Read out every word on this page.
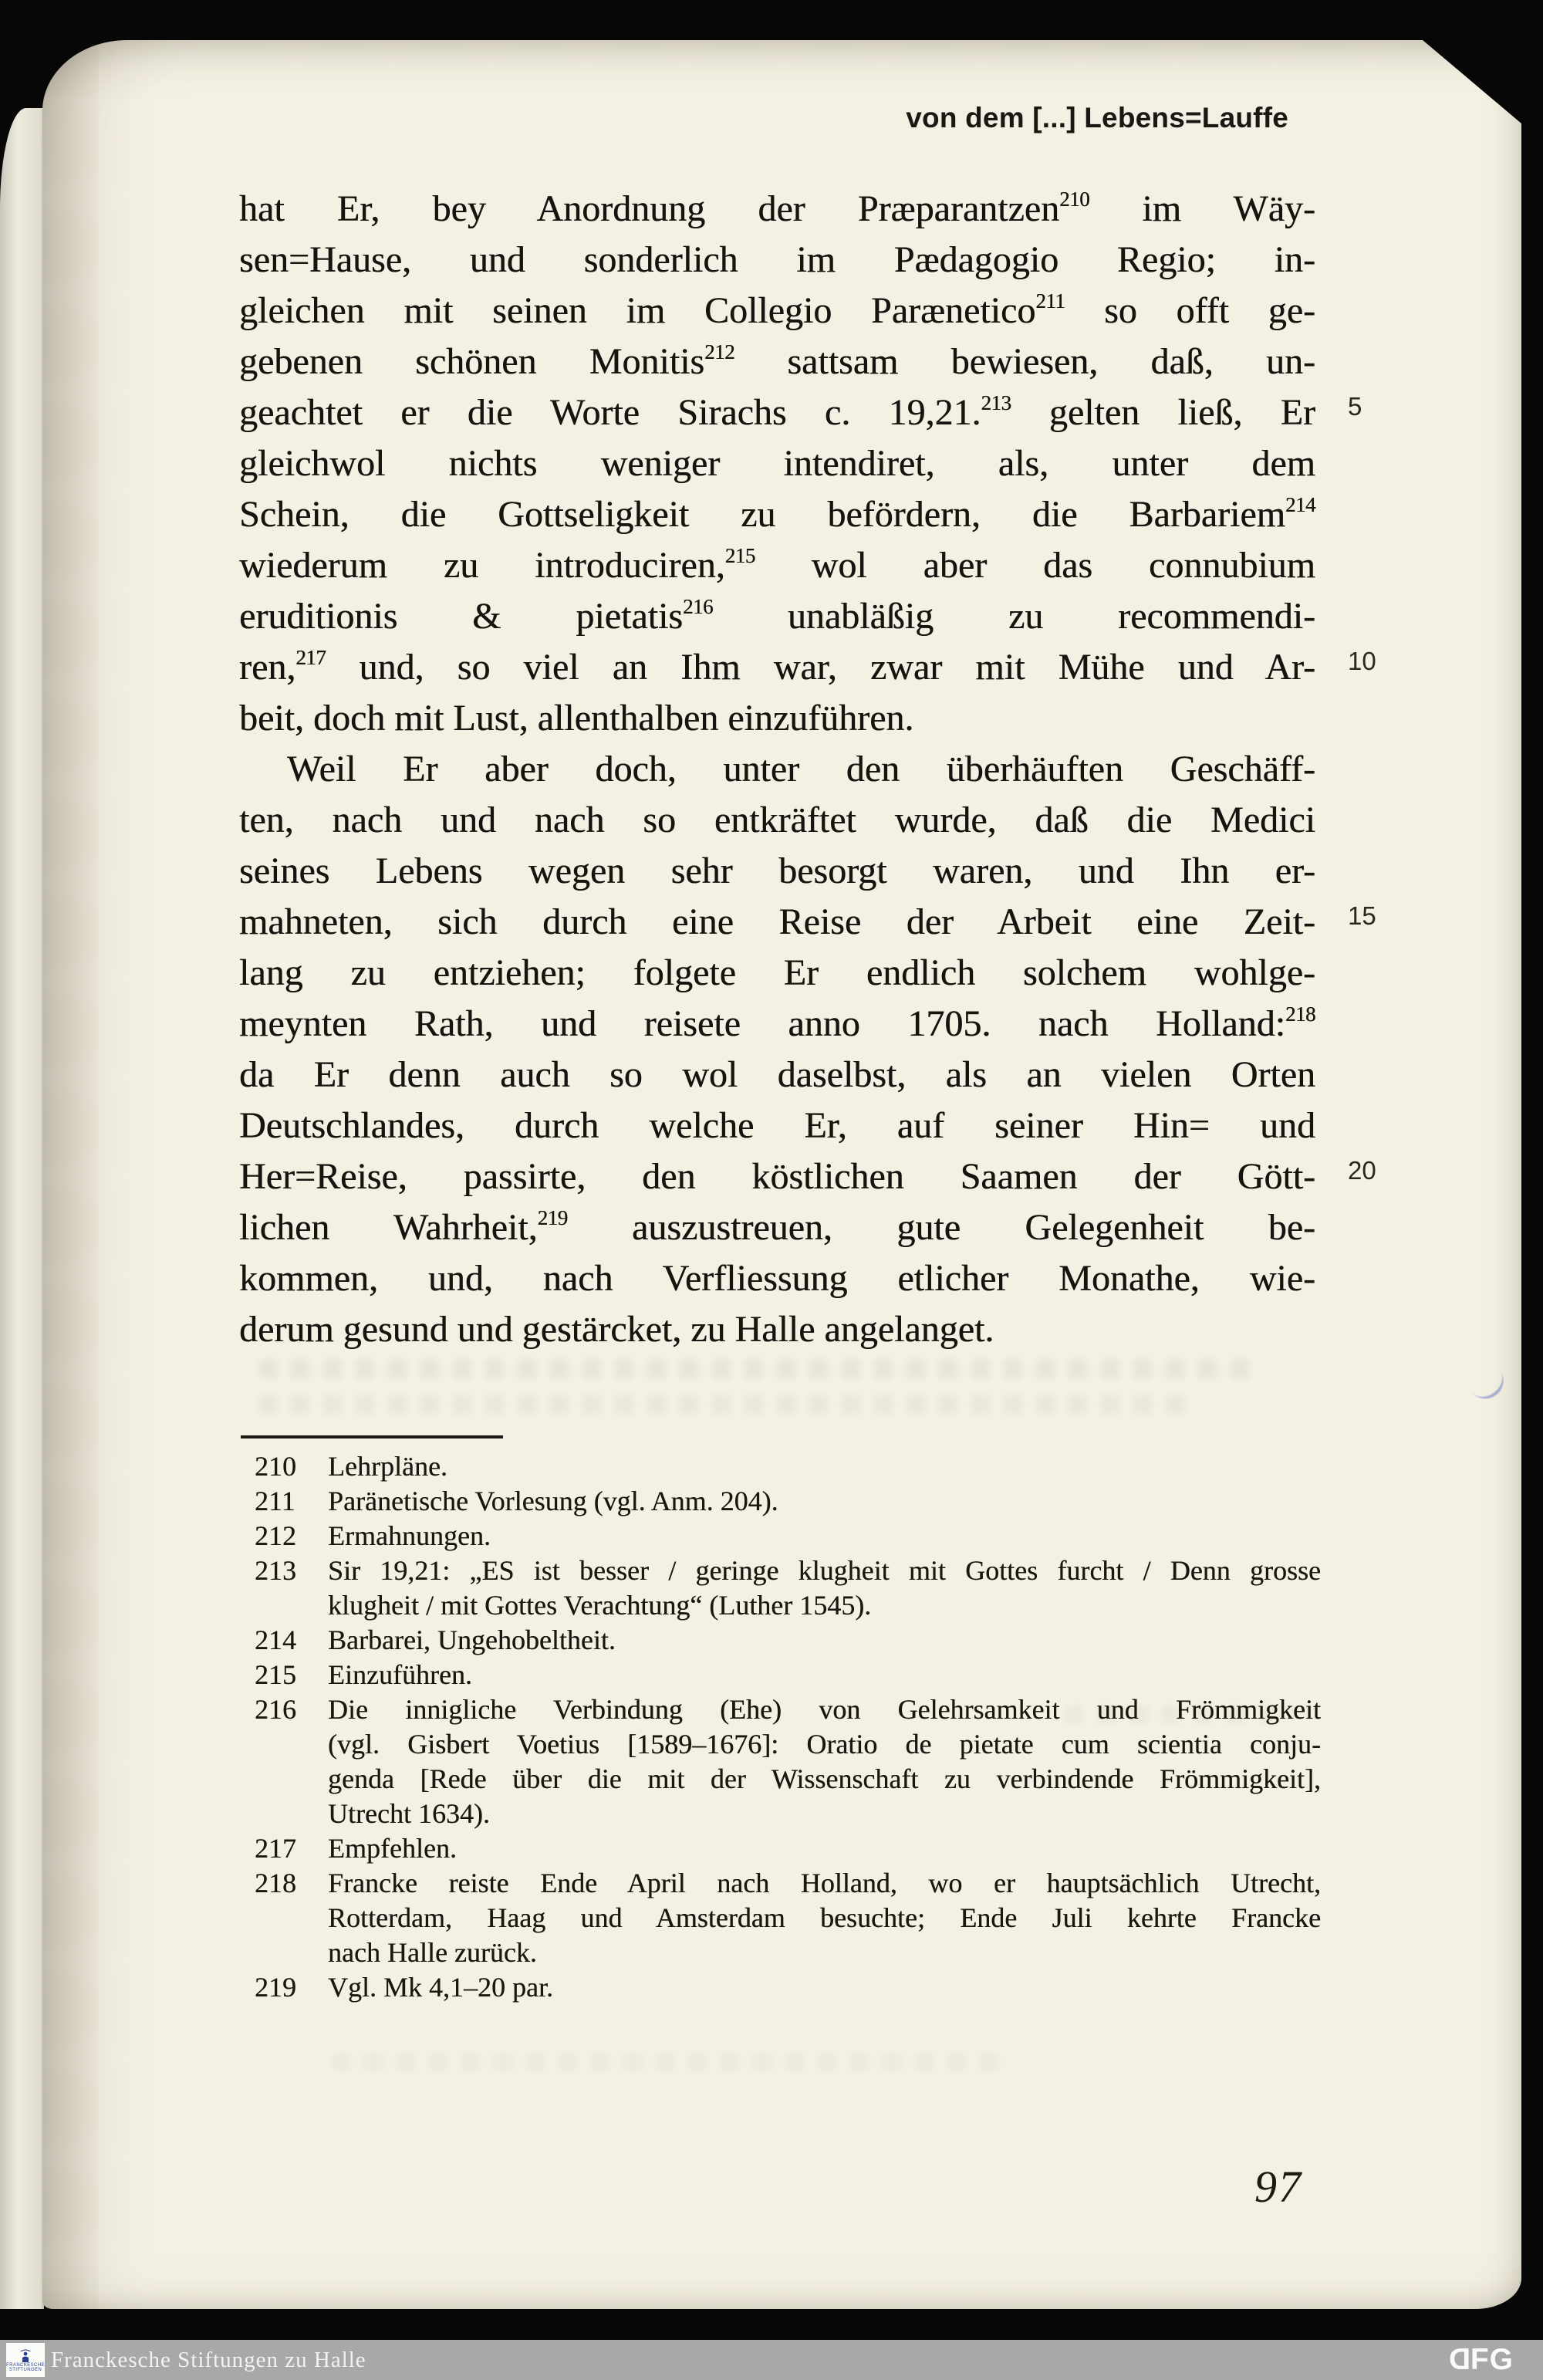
von dem [...] Lebens=Lauffe
hat Er, bey Anordnung der Præparantzen$^{210}$ im Wäy-
sen=Hause, und sonderlich im Pædagogio Regio; in-
gleichen mit seinen im Collegio Parænetico$^{211}$ so offt ge-
gebenen schönen Monitis$^{212}$ sattsam bewiesen, daß, un-
geachtet er die Worte Sirachs c. 19,21.$^{213}$ gelten ließ, Er
gleichwol nichts weniger intendiret, als, unter dem
Schein, die Gottseligkeit zu befördern, die Barbariem$^{214}$
wiederum zu introduciren,$^{215}$ wol aber das connubium
eruditionis & pietatis$^{216}$ unabläßig zu recommendi-
ren,$^{217}$ und, so viel an Ihm war, zwar mit Mühe und Ar-
beit, doch mit Lust, allenthalben einzuführen.
Weil Er aber doch, unter den überhäuften Geschäff-
ten, nach und nach so entkräftet wurde, daß die Medici
seines Lebens wegen sehr besorgt waren, und Ihn er-
mahneten, sich durch eine Reise der Arbeit eine Zeit-
lang zu entziehen; folgete Er endlich solchem wohlge-
meynten Rath, und reisete anno 1705. nach Holland:$^{218}$
da Er denn auch so wol daselbst, als an vielen Orten
Deutschlandes, durch welche Er, auf seiner Hin= und
Her=Reise, passirte, den köstlichen Saamen der Gött-
lichen Wahrheit,$^{219}$ auszustreuen, gute Gelegenheit be-
kommen, und, nach Verfliessung etlicher Monathe, wie-
derum gesund und gestärcket, zu Halle angelanget.
5
10
15
20
210	Lehrpläne.
211	Paränetische Vorlesung (vgl. Anm. 204).
212	Ermahnungen.
213	Sir 19,21: „ES ist besser / geringe klugheit mit Gottes furcht / Denn grosse
klugheit / mit Gottes Verachtung“ (Luther 1545).
214	Barbarei, Ungehobeltheit.
215	Einzuführen.
216	Die innigliche Verbindung (Ehe) von Gelehrsamkeit und Frömmigkeit
(vgl. Gisbert Voetius [1589–1676]: Oratio de pietate cum scientia conju-
genda [Rede über die mit der Wissenschaft zu verbindende Frömmigkeit],
Utrecht 1634).
217	Empfehlen.
218	Francke reiste Ende April nach Holland, wo er hauptsächlich Utrecht,
Rotterdam, Haag und Amsterdam besuchte; Ende Juli kehrte Francke
nach Halle zurück.
219	Vgl. Mk 4,1–20 par.
97
FRANCKESCHE
STIFTUNGEN Franckesche Stiftungen zu Halle	DFG
